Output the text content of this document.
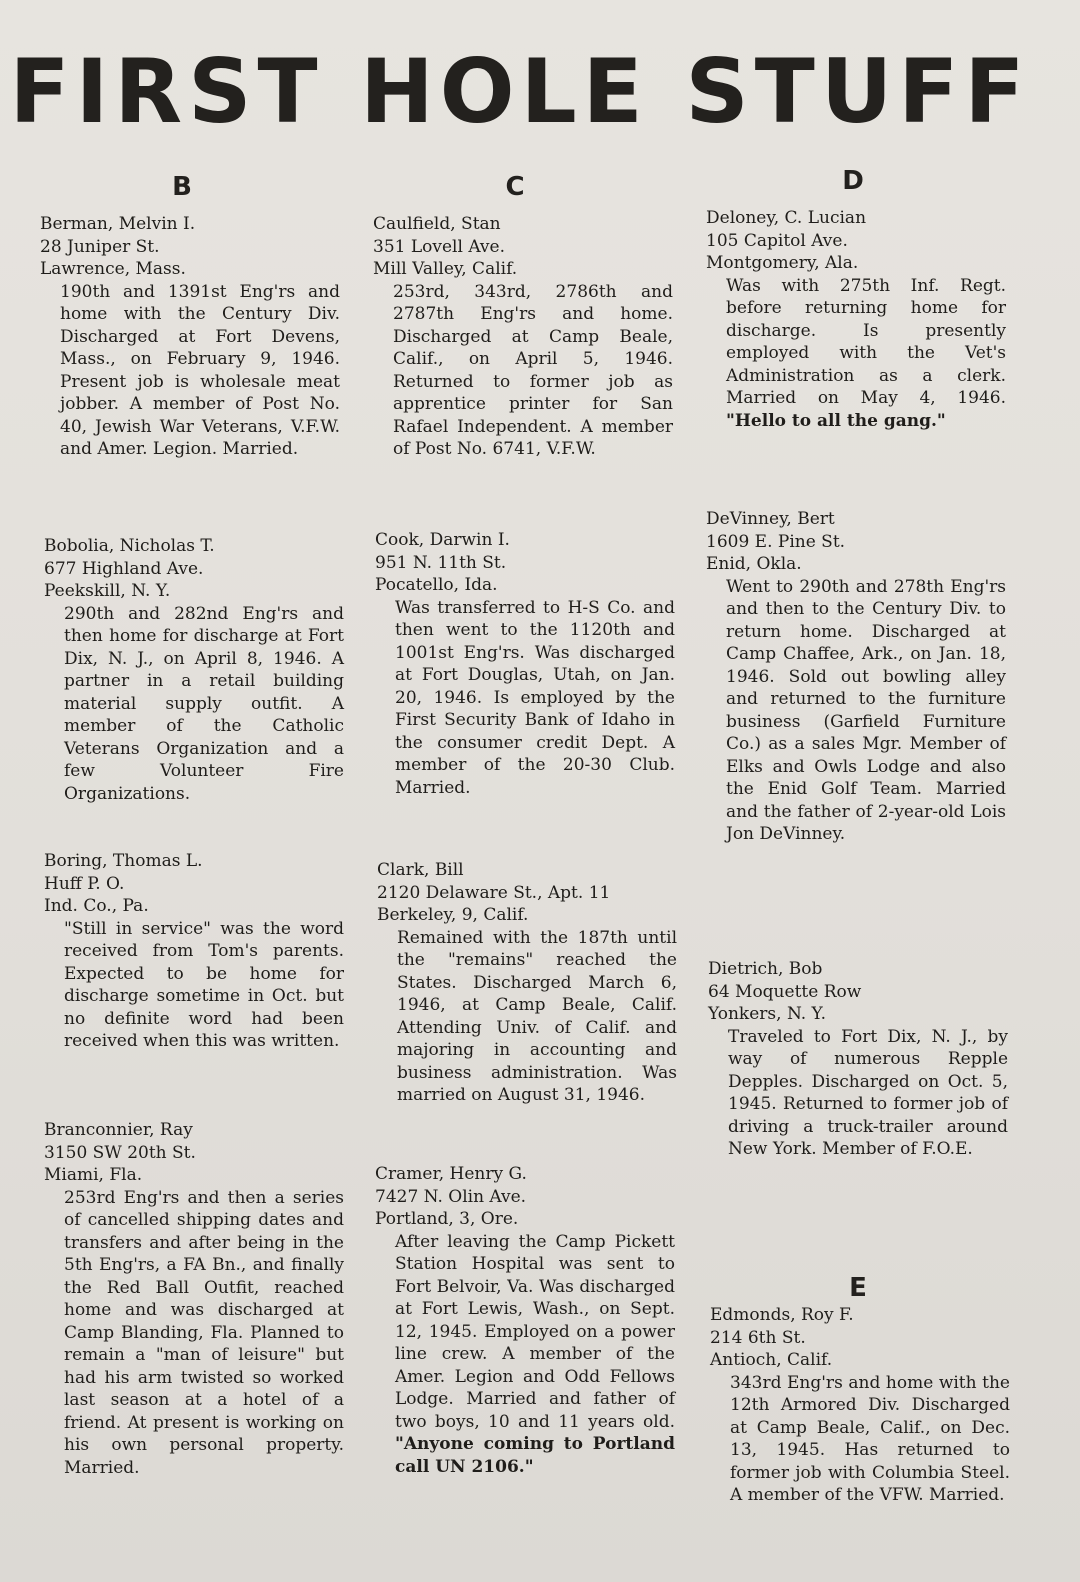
FIRST HOLE STUFF
B	C	D
E
Berman, Melvin I.
28 Juniper St.
Lawrence, Mass.
190th and 1391st Eng'rs and home with the Century Div. Discharged at Fort Devens, Mass., on February 9, 1946. Present job is wholesale meat jobber. A member of Post No. 40, Jewish War Veterans, V.F.W. and Amer. Legion. Married.
Bobolia, Nicholas T.
677 Highland Ave.
Peekskill, N. Y.
290th and 282nd Eng'rs and then home for discharge at Fort Dix, N. J., on April 8, 1946. A partner in a retail building material supply outfit. A member of the Catholic Veterans Organization and a few Volunteer Fire Organizations.
Boring, Thomas L.
Huff P. O.
Ind. Co., Pa.
"Still in service" was the word received from Tom's parents. Expected to be home for discharge sometime in Oct. but no definite word had been received when this was written.
Branconnier, Ray
3150 SW 20th St.
Miami, Fla.
253rd Eng'rs and then a series of cancelled shipping dates and transfers and after being in the 5th Eng'rs, a FA Bn., and finally the Red Ball Outfit, reached home and was discharged at Camp Blanding, Fla. Planned to remain a "man of leisure" but had his arm twisted so worked last season at a hotel of a friend. At present is working on his own personal property. Married.
Caulfield, Stan
351 Lovell Ave.
Mill Valley, Calif.
253rd, 343rd, 2786th and 2787th Eng'rs and home. Discharged at Camp Beale, Calif., on April 5, 1946. Returned to former job as apprentice printer for San Rafael Independent. A member of Post No. 6741, V.F.W.
Cook, Darwin I.
951 N. 11th St.
Pocatello, Ida.
Was transferred to H-S Co. and then went to the 1120th and 1001st Eng'rs. Was discharged at Fort Douglas, Utah, on Jan. 20, 1946. Is employed by the First Security Bank of Idaho in the consumer credit Dept. A member of the 20-30 Club. Married.
Clark, Bill
2120 Delaware St., Apt. 11
Berkeley, 9, Calif.
Remained with the 187th until the "remains" reached the States. Discharged March 6, 1946, at Camp Beale, Calif. Attending Univ. of Calif. and majoring in accounting and business administration. Was married on August 31, 1946.
Cramer, Henry G.
7427 N. Olin Ave.
Portland, 3, Ore.
After leaving the Camp Pickett Station Hospital was sent to Fort Belvoir, Va. Was discharged at Fort Lewis, Wash., on Sept. 12, 1945. Employed on a power line crew. A member of the Amer. Legion and Odd Fellows Lodge. Married and father of two boys, 10 and 11 years old. "Anyone coming to Portland call UN 2106."
Deloney, C. Lucian
105 Capitol Ave.
Montgomery, Ala.
Was with 275th Inf. Regt. before returning home for discharge. Is presently employed with the Vet's Administration as a clerk. Married on May 4, 1946. "Hello to all the gang."
DeVinney, Bert
1609 E. Pine St.
Enid, Okla.
Went to 290th and 278th Eng'rs and then to the Century Div. to return home. Discharged at Camp Chaffee, Ark., on Jan. 18, 1946. Sold out bowling alley and returned to the furniture business (Garfield Furniture Co.) as a sales Mgr. Member of Elks and Owls Lodge and also the Enid Golf Team. Married and the father of 2-year-old Lois Jon DeVinney.
Dietrich, Bob
64 Moquette Row
Yonkers, N. Y.
Traveled to Fort Dix, N. J., by way of numerous Repple Depples. Discharged on Oct. 5, 1945. Returned to former job of driving a truck-trailer around New York. Member of F.O.E.
Edmonds, Roy F.
214 6th St.
Antioch, Calif.
343rd Eng'rs and home with the 12th Armored Div. Discharged at Camp Beale, Calif., on Dec. 13, 1945. Has returned to former job with Columbia Steel. A member of the VFW. Married.
